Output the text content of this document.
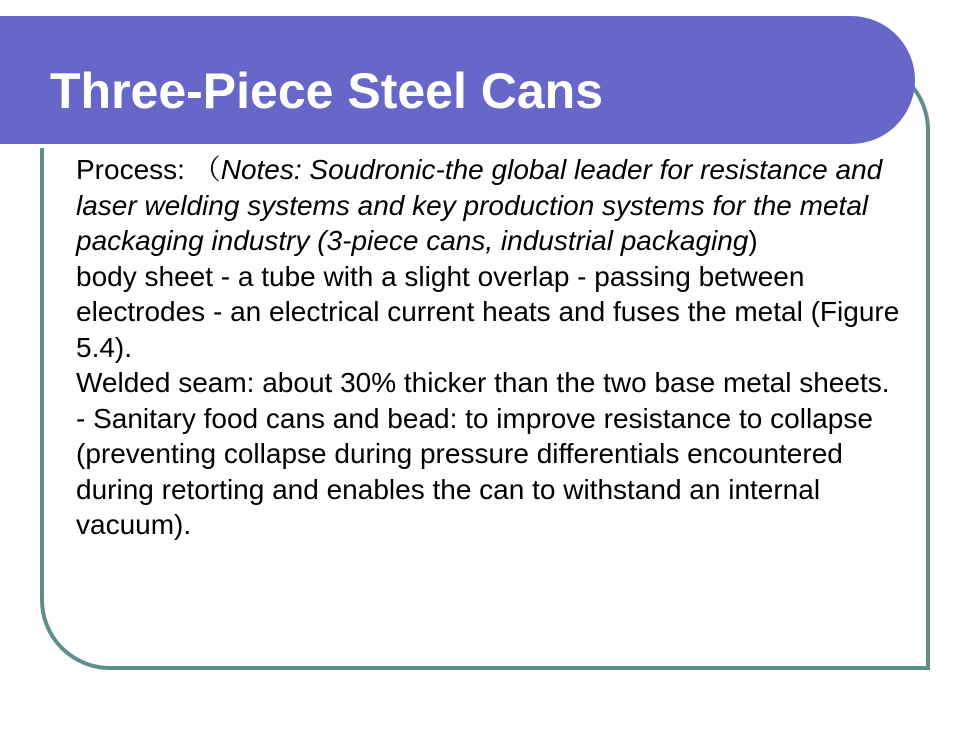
Three-Piece Steel Cans

Process: （Notes: Soudronic-the global leader for resistance and laser welding systems and key production systems for the metal packaging industry (3-piece cans, industrial packaging)

body sheet - a tube with a slight overlap - passing between electrodes - an electrical current heats and fuses the metal (Figure 5.4).

Welded seam: about 30% thicker than the two base metal sheets.

- Sanitary food cans and bead: to improve resistance to collapse (preventing collapse during pressure differentials encountered during retorting and enables the can to withstand an internal vacuum).
